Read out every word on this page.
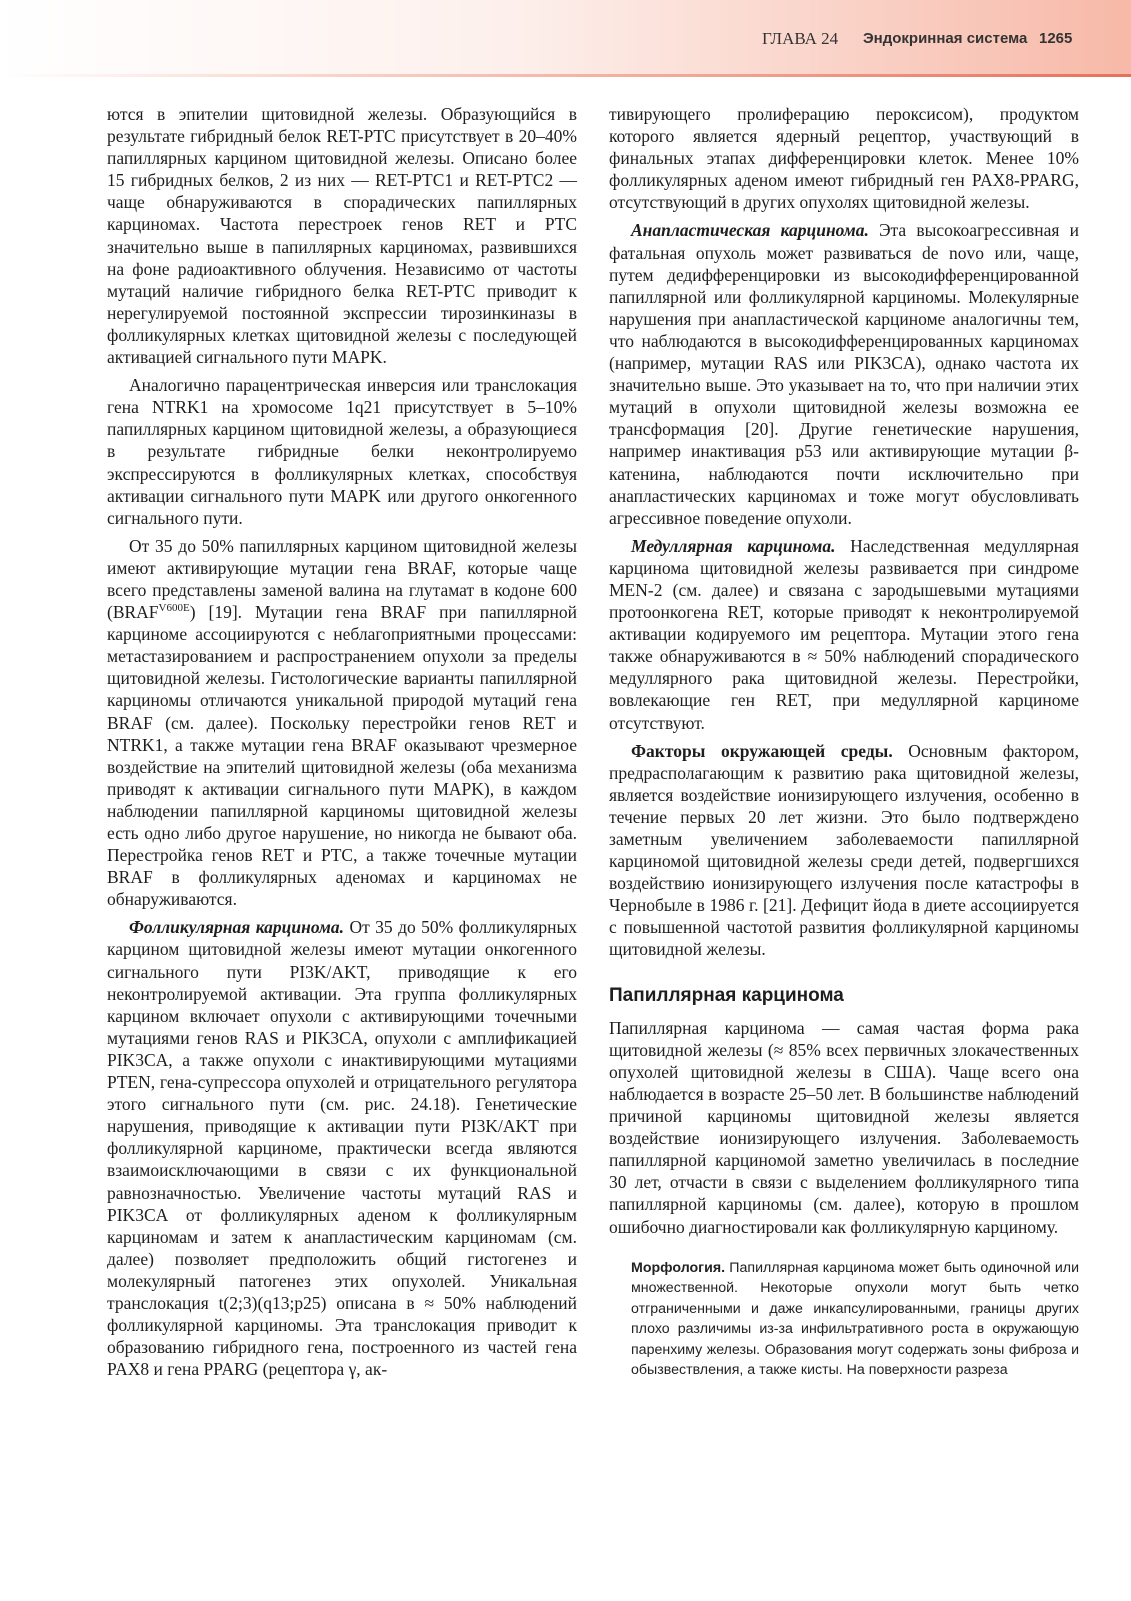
ГЛАВА 24 Эндокринная система 1265

ются в эпителии щитовидной железы. Образующийся в результате гибридный белок RET-PTC присутствует в 20–40% папиллярных карцином щитовидной железы. Описано более 15 гибридных белков, 2 из них — RET-PTC1 и RET-PTC2 — чаще обнаруживаются в спорадических папиллярных карциномах. Частота перестроек генов RET и PTC значительно выше в папиллярных карциномах, развившихся на фоне радиоактивного облучения. Независимо от частоты мутаций наличие гибридного белка RET-PTC приводит к нерегулируемой постоянной экспрессии тирозинкиназы в фолликулярных клетках щитовидной железы с последующей активацией сигнального пути MAPK.

Аналогично парацентрическая инверсия или транслокация гена NTRK1 на хромосоме 1q21 присутствует в 5–10% папиллярных карцином щитовидной железы, а образующиеся в результате гибридные белки неконтролируемо экспрессируются в фолликулярных клетках, способствуя активации сигнального пути MAPK или другого онкогенного сигнального пути.

От 35 до 50% папиллярных карцином щитовидной железы имеют активирующие мутации гена BRAF, которые чаще всего представлены заменой валина на глутамат в кодоне 600 $(BRAF^{V600E})$ [19]. Мутации гена BRAF при папиллярной карциноме ассоциируются с неблагоприятными процессами: метастазированием и распространением опухоли за пределы щитовидной железы. Гистологические варианты папиллярной карциномы отличаются уникальной природой мутаций гена BRAF (см. далее). Поскольку перестройки генов RET и NTRK1, а также мутации гена BRAF оказывают чрезмерное воздействие на эпителий щитовидной железы (оба механизма приводят к активации сигнального пути MAPK), в каждом наблюдении папиллярной карциномы щитовидной железы есть одно либо другое нарушение, но никогда не бывают оба. Перестройка генов RET и PTC, а также точечные мутации BRAF в фолликулярных аденомах и карциномах не обнаруживаются.

Фолликулярная карцинома. От 35 до 50% фолликулярных карцином щитовидной железы имеют мутации онкогенного сигнального пути PI3K/AKT, приводящие к его неконтролируемой активации. Эта группа фолликулярных карцином включает опухоли с активирующими точечными мутациями генов RAS и PIK3CA, опухоли с амплификацией PIK3CA, а также опухоли с инактивирующими мутациями PTEN, гена-супрессора опухолей и отрицательного регулятора этого сигнального пути (см. рис. 24.18). Генетические нарушения, приводящие к активации пути PI3K/AKT при фолликулярной карциноме, практически всегда являются взаимоисключающими в связи с их функциональной равнозначностью. Увеличение частоты мутаций RAS и PIK3CA от фолликулярных аденом к фолликулярным карциномам и затем к анапластическим карциномам (см. далее) позволяет предположить общий гистогенез и молекулярный патогенез этих опухолей. Уникальная транслокация t(2;3)(q13;p25) описана в ≈ 50% наблюдений фолликулярной карциномы. Эта транслокация приводит к образованию гибридного гена, построенного из частей гена PAX8 и гена PPARG (рецептора γ, ак-

тивирующего пролиферацию пероксисом), продуктом которого является ядерный рецептор, участвующий в финальных этапах дифференцировки клеток. Менее 10% фолликулярных аденом имеют гибридный ген PAX8-PPARG, отсутствующий в других опухолях щитовидной железы.

Анапластическая карцинома. Эта высокоагрессивная и фатальная опухоль может развиваться de novo или, чаще, путем дедифференцировки из высокодифференцированной папиллярной или фолликулярной карциномы. Молекулярные нарушения при анапластической карциноме аналогичны тем, что наблюдаются в высокодифференцированных карциномах (например, мутации RAS или PIK3CA), однако частота их значительно выше. Это указывает на то, что при наличии этих мутаций в опухоли щитовидной железы возможна ее трансформация [20]. Другие генетические нарушения, например инактивация p53 или активирующие мутации β-катенина, наблюдаются почти исключительно при анапластических карциномах и тоже могут обусловливать агрессивное поведение опухоли.

Медуллярная карцинома. Наследственная медуллярная карцинома щитовидной железы развивается при синдроме MEN-2 (см. далее) и связана с зародышевыми мутациями протоонкогена RET, которые приводят к неконтролируемой активации кодируемого им рецептора. Мутации этого гена также обнаруживаются в ≈ 50% наблюдений спорадического медуллярного рака щитовидной железы. Перестройки, вовлекающие ген RET, при медуллярной карциноме отсутствуют.

Факторы окружающей среды. Основным фактором, предрасполагающим к развитию рака щитовидной железы, является воздействие ионизирующего излучения, особенно в течение первых 20 лет жизни. Это было подтверждено заметным увеличением заболеваемости папиллярной карциномой щитовидной железы среди детей, подвергшихся воздействию ионизирующего излучения после катастрофы в Чернобыле в 1986 г. [21]. Дефицит йода в диете ассоциируется с повышенной частотой развития фолликулярной карциномы щитовидной железы.

Папиллярная карцинома

Папиллярная карцинома — самая частая форма рака щитовидной железы (≈ 85% всех первичных злокачественных опухолей щитовидной железы в США). Чаще всего она наблюдается в возрасте 25–50 лет. В большинстве наблюдений причиной карциномы щитовидной железы является воздействие ионизирующего излучения. Заболеваемость папиллярной карциномой заметно увеличилась в последние 30 лет, отчасти в связи с выделением фолликулярного типа папиллярной карциномы (см. далее), которую в прошлом ошибочно диагностировали как фолликулярную карциному.

Морфология. Папиллярная карцинома может быть одиночной или множественной. Некоторые опухоли могут быть четко отграниченными и даже инкапсулированными, границы других плохо различимы из-за инфильтративного роста в окружающую паренхиму железы. Образования могут содержать зоны фиброза и обызвествления, а также кисты. На поверхности разреза
